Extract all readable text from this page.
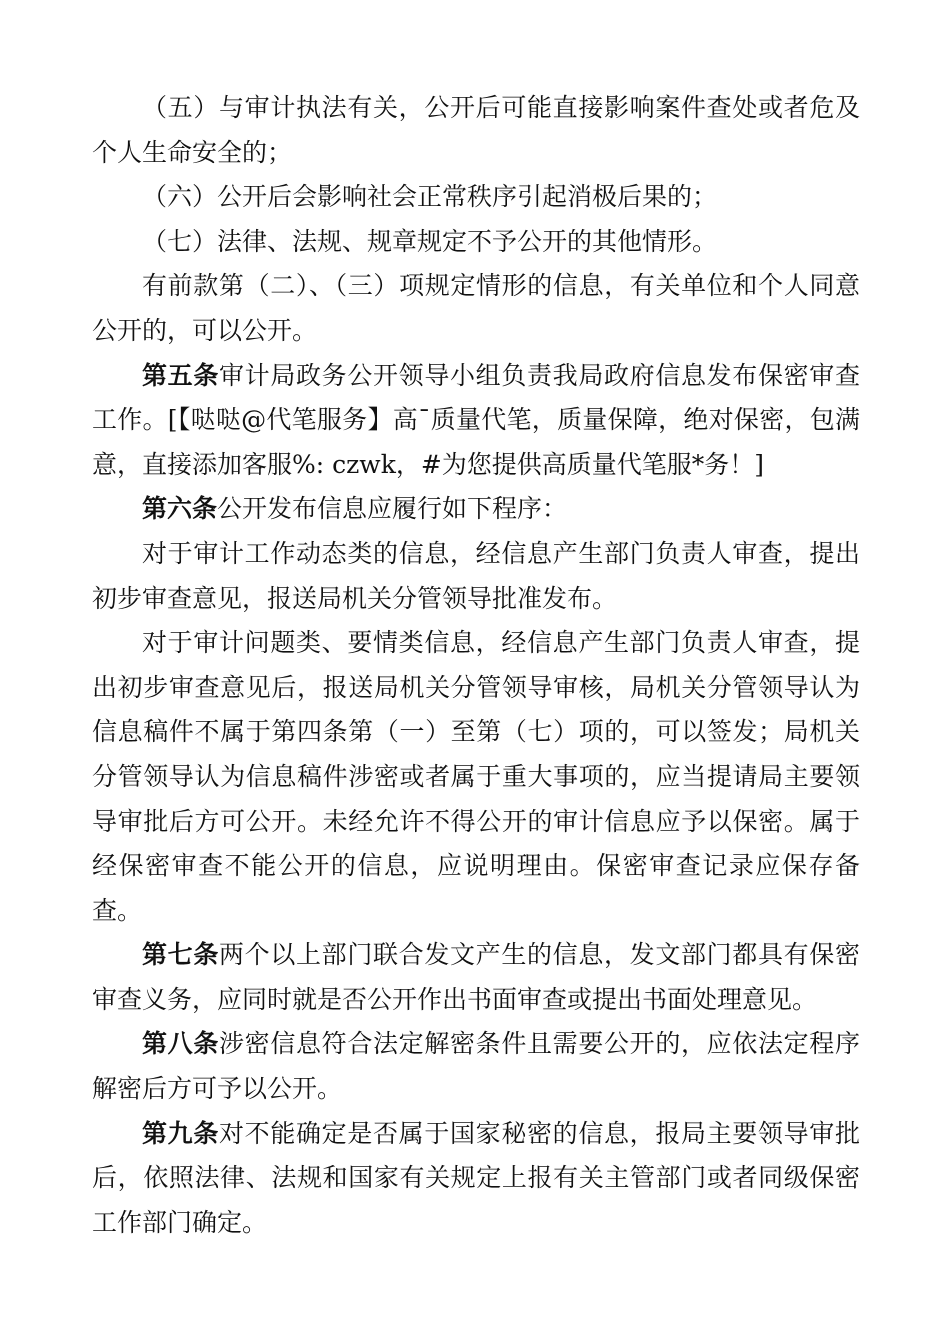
（五）与审计执法有关，公开后可能直接影响案件查处或者危及个人生命安全的；

（六）公开后会影响社会正常秩序引起消极后果的；

（七）法律、法规、规章规定不予公开的其他情形。

有前款第（二）、（三）项规定情形的信息，有关单位和个人同意公开的，可以公开。

第五条审计局政务公开领导小组负责我局政府信息发布保密审查工作。[【哒哒@代笔服务】高¯质量代笔，质量保障，绝对保密，包满意，直接添加客服%: czwk，#为您提供高质量代笔服*务！]

第六条公开发布信息应履行如下程序：

对于审计工作动态类的信息，经信息产生部门负责人审查，提出初步审查意见，报送局机关分管领导批准发布。

对于审计问题类、要情类信息，经信息产生部门负责人审查，提出初步审查意见后，报送局机关分管领导审核，局机关分管领导认为信息稿件不属于第四条第（一）至第（七）项的，可以签发；局机关分管领导认为信息稿件涉密或者属于重大事项的，应当提请局主要领导审批后方可公开。未经允许不得公开的审计信息应予以保密。属于经保密审查不能公开的信息，应说明理由。保密审查记录应保存备查。

第七条两个以上部门联合发文产生的信息，发文部门都具有保密审查义务，应同时就是否公开作出书面审查或提出书面处理意见。

第八条涉密信息符合法定解密条件且需要公开的，应依法定程序解密后方可予以公开。

第九条对不能确定是否属于国家秘密的信息，报局主要领导审批后，依照法律、法规和国家有关规定上报有关主管部门或者同级保密工作部门确定。
